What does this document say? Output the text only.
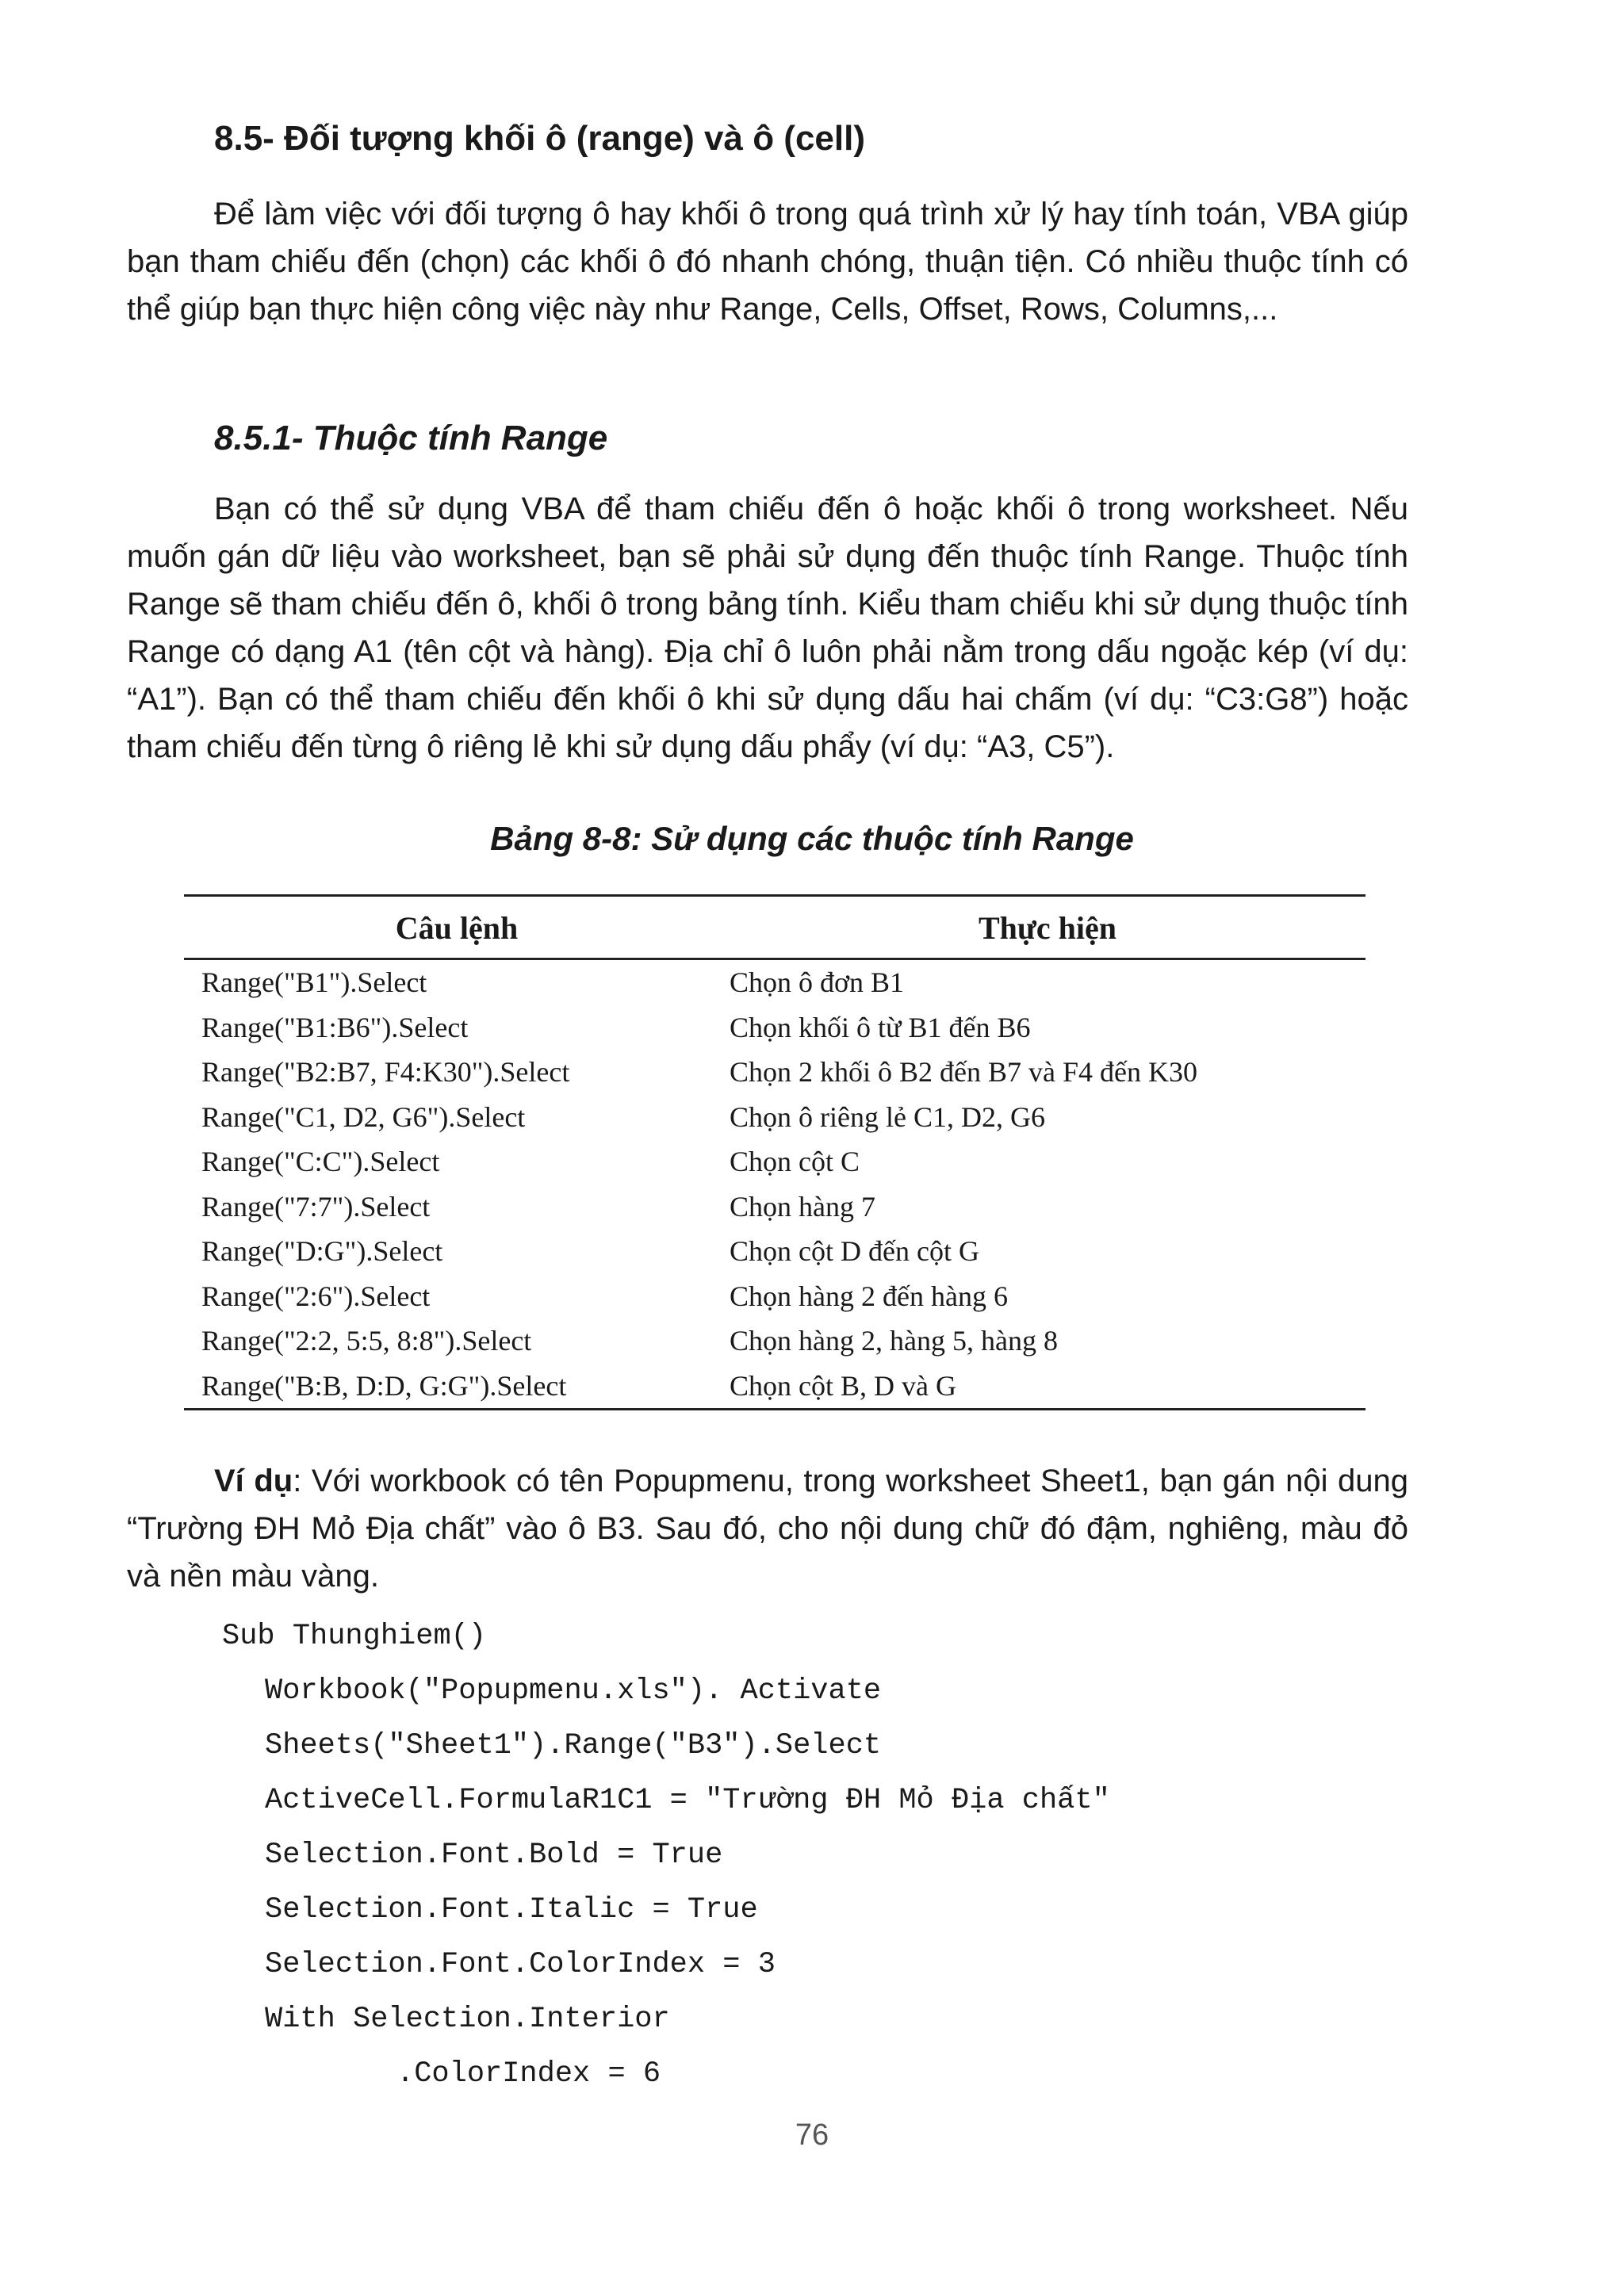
8.5- Đối tượng khối ô (range) và ô (cell)

Để làm việc với đối tượng ô hay khối ô trong quá trình xử lý hay tính toán, VBA giúp bạn tham chiếu đến (chọn) các khối ô đó nhanh chóng, thuận tiện. Có nhiều thuộc tính có thể giúp bạn thực hiện công việc này như Range, Cells, Offset, Rows, Columns,...

8.5.1- Thuộc tính Range

Bạn có thể sử dụng VBA để tham chiếu đến ô hoặc khối ô trong worksheet. Nếu muốn gán dữ liệu vào worksheet, bạn sẽ phải sử dụng đến thuộc tính Range. Thuộc tính Range sẽ tham chiếu đến ô, khối ô trong bảng tính. Kiểu tham chiếu khi sử dụng thuộc tính Range có dạng A1 (tên cột và hàng). Địa chỉ ô luôn phải nằm trong dấu ngoặc kép (ví dụ: “A1”). Bạn có thể tham chiếu đến khối ô khi sử dụng dấu hai chấm (ví dụ: “C3:G8”) hoặc tham chiếu đến từng ô riêng lẻ khi sử dụng dấu phẩy (ví dụ: “A3, C5”).

Bảng 8-8: Sử dụng các thuộc tính Range
Câu lệnh	Thực hiện
Range("B1").Select	Chọn ô đơn B1
Range("B1:B6").Select	Chọn khối ô từ B1 đến B6
Range("B2:B7, F4:K30").Select	Chọn 2 khối ô B2 đến B7 và F4 đến K30
Range("C1, D2, G6").Select	Chọn ô riêng lẻ C1, D2, G6
Range("C:C").Select	Chọn cột C
Range("7:7").Select	Chọn hàng 7
Range("D:G").Select	Chọn cột D đến cột G
Range("2:6").Select	Chọn hàng 2 đến hàng 6
Range("2:2, 5:5, 8:8").Select	Chọn hàng 2, hàng 5, hàng 8
Range("B:B, D:D, G:G").Select	Chọn cột B, D và G

Ví dụ: Với workbook có tên Popupmenu, trong worksheet Sheet1, bạn gán nội dung “Trường ĐH Mỏ Địa chất” vào ô B3. Sau đó, cho nội dung chữ đó đậm, nghiêng, màu đỏ và nền màu vàng.

Sub Thunghiem()
Workbook("Popupmenu.xls"). Activate
Sheets("Sheet1").Range("B3").Select
ActiveCell.FormulaR1C1 = "Trường ĐH Mỏ Địa chất"
Selection.Font.Bold = True
Selection.Font.Italic = True
Selection.Font.ColorIndex = 3
With Selection.Interior
.ColorIndex = 6
76
